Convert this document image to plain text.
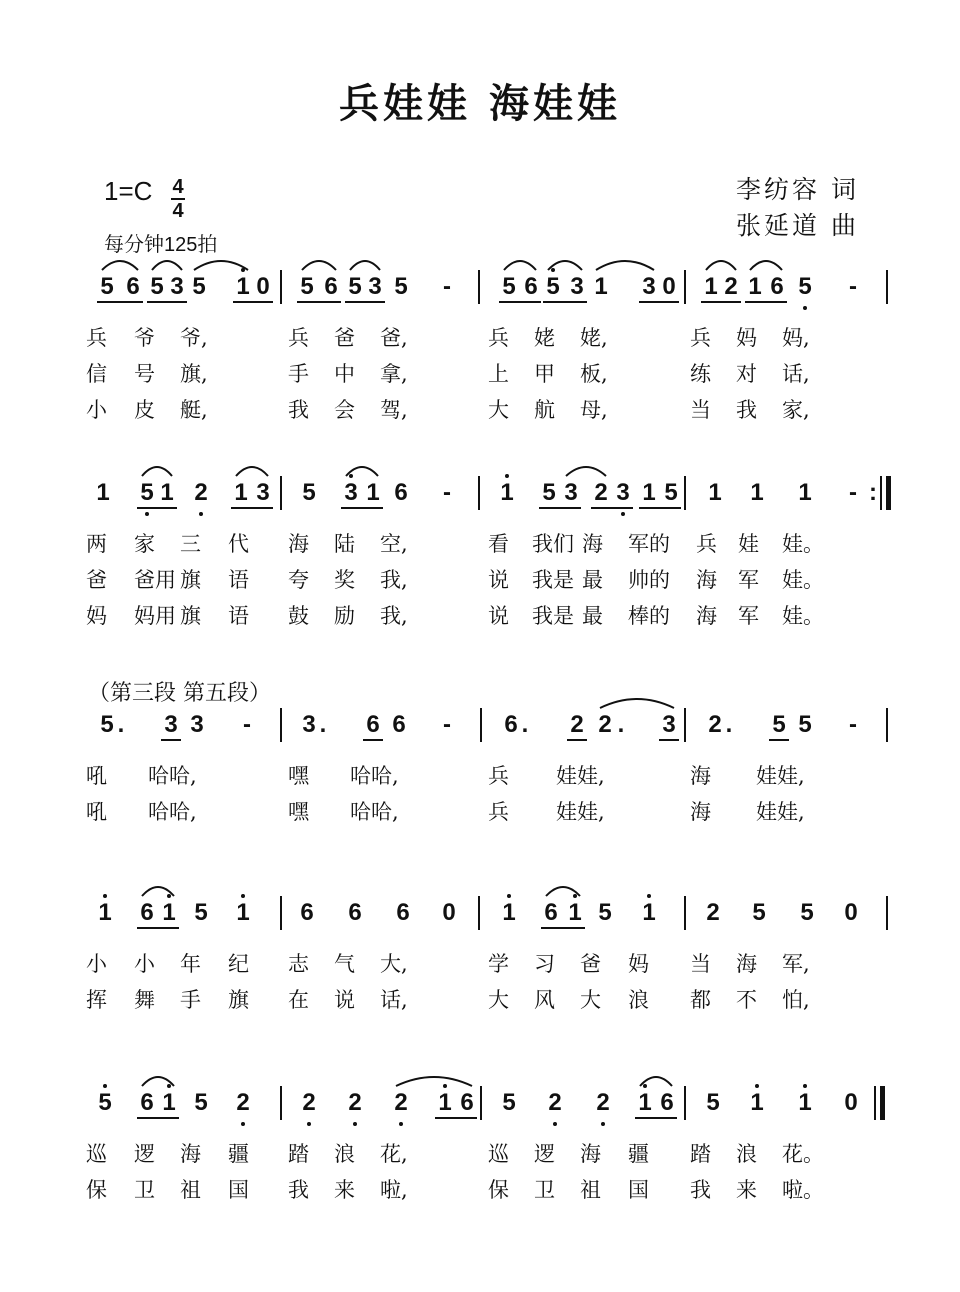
兵娃娃 海娃娃
李纺容 词
张延道 曲
1=C 4
4
每分钟125拍
（第三段 第五段）
5 6 5 3 5 1 0 5 6 5 3 5 - 5 6 5 3 1 3 0 1 2 1 6 5 -
1 5 1 2 1 3 5 3 1 6 - 1 5 3 2 3 1 5 1 1 1 - :
5 .	3 3 - 3 .	6 6 - 6 .	2 2 .	3 2 .	5 5 -
1 6 1 5 1 6 6 6 0 1 6 1 5 1 2 5 5 0
5 6 1 5 2 2 2 2 1 6 5 2 2 1 6 5 1 1 0
兵 爷 爷,	兵 爸 爸,	兵 姥 姥,	兵 妈 妈,
信 号 旗,	手 中 拿,	上 甲 板,	练 对 话,
小 皮 艇,	我 会 驾,	大 航 母,	当 我 家,
两 家 三 代 海 陆 空,	看 我们 海 军的 兵 娃 娃。
爸 爸用 旗 语 夸 奖 我,	说 我是 最 帅的 海 军 娃。
妈 妈用 旗 语 鼓 励 我,	说 我是 最 棒的 海 军 娃。
吼 哈哈,	嘿 哈哈,	兵 娃娃,	海 娃娃,
吼 哈哈,	嘿 哈哈,	兵 娃娃,	海 娃娃,
小 小 年 纪 志 气 大,	学 习 爸 妈 当 海 军,
挥 舞 手 旗 在 说 话,	大 风 大 浪 都 不 怕,
巡 逻 海 疆 踏 浪 花,	巡 逻 海 疆 踏 浪 花。
保 卫 祖 国 我 来 啦,	保 卫 祖 国 我 来 啦。
